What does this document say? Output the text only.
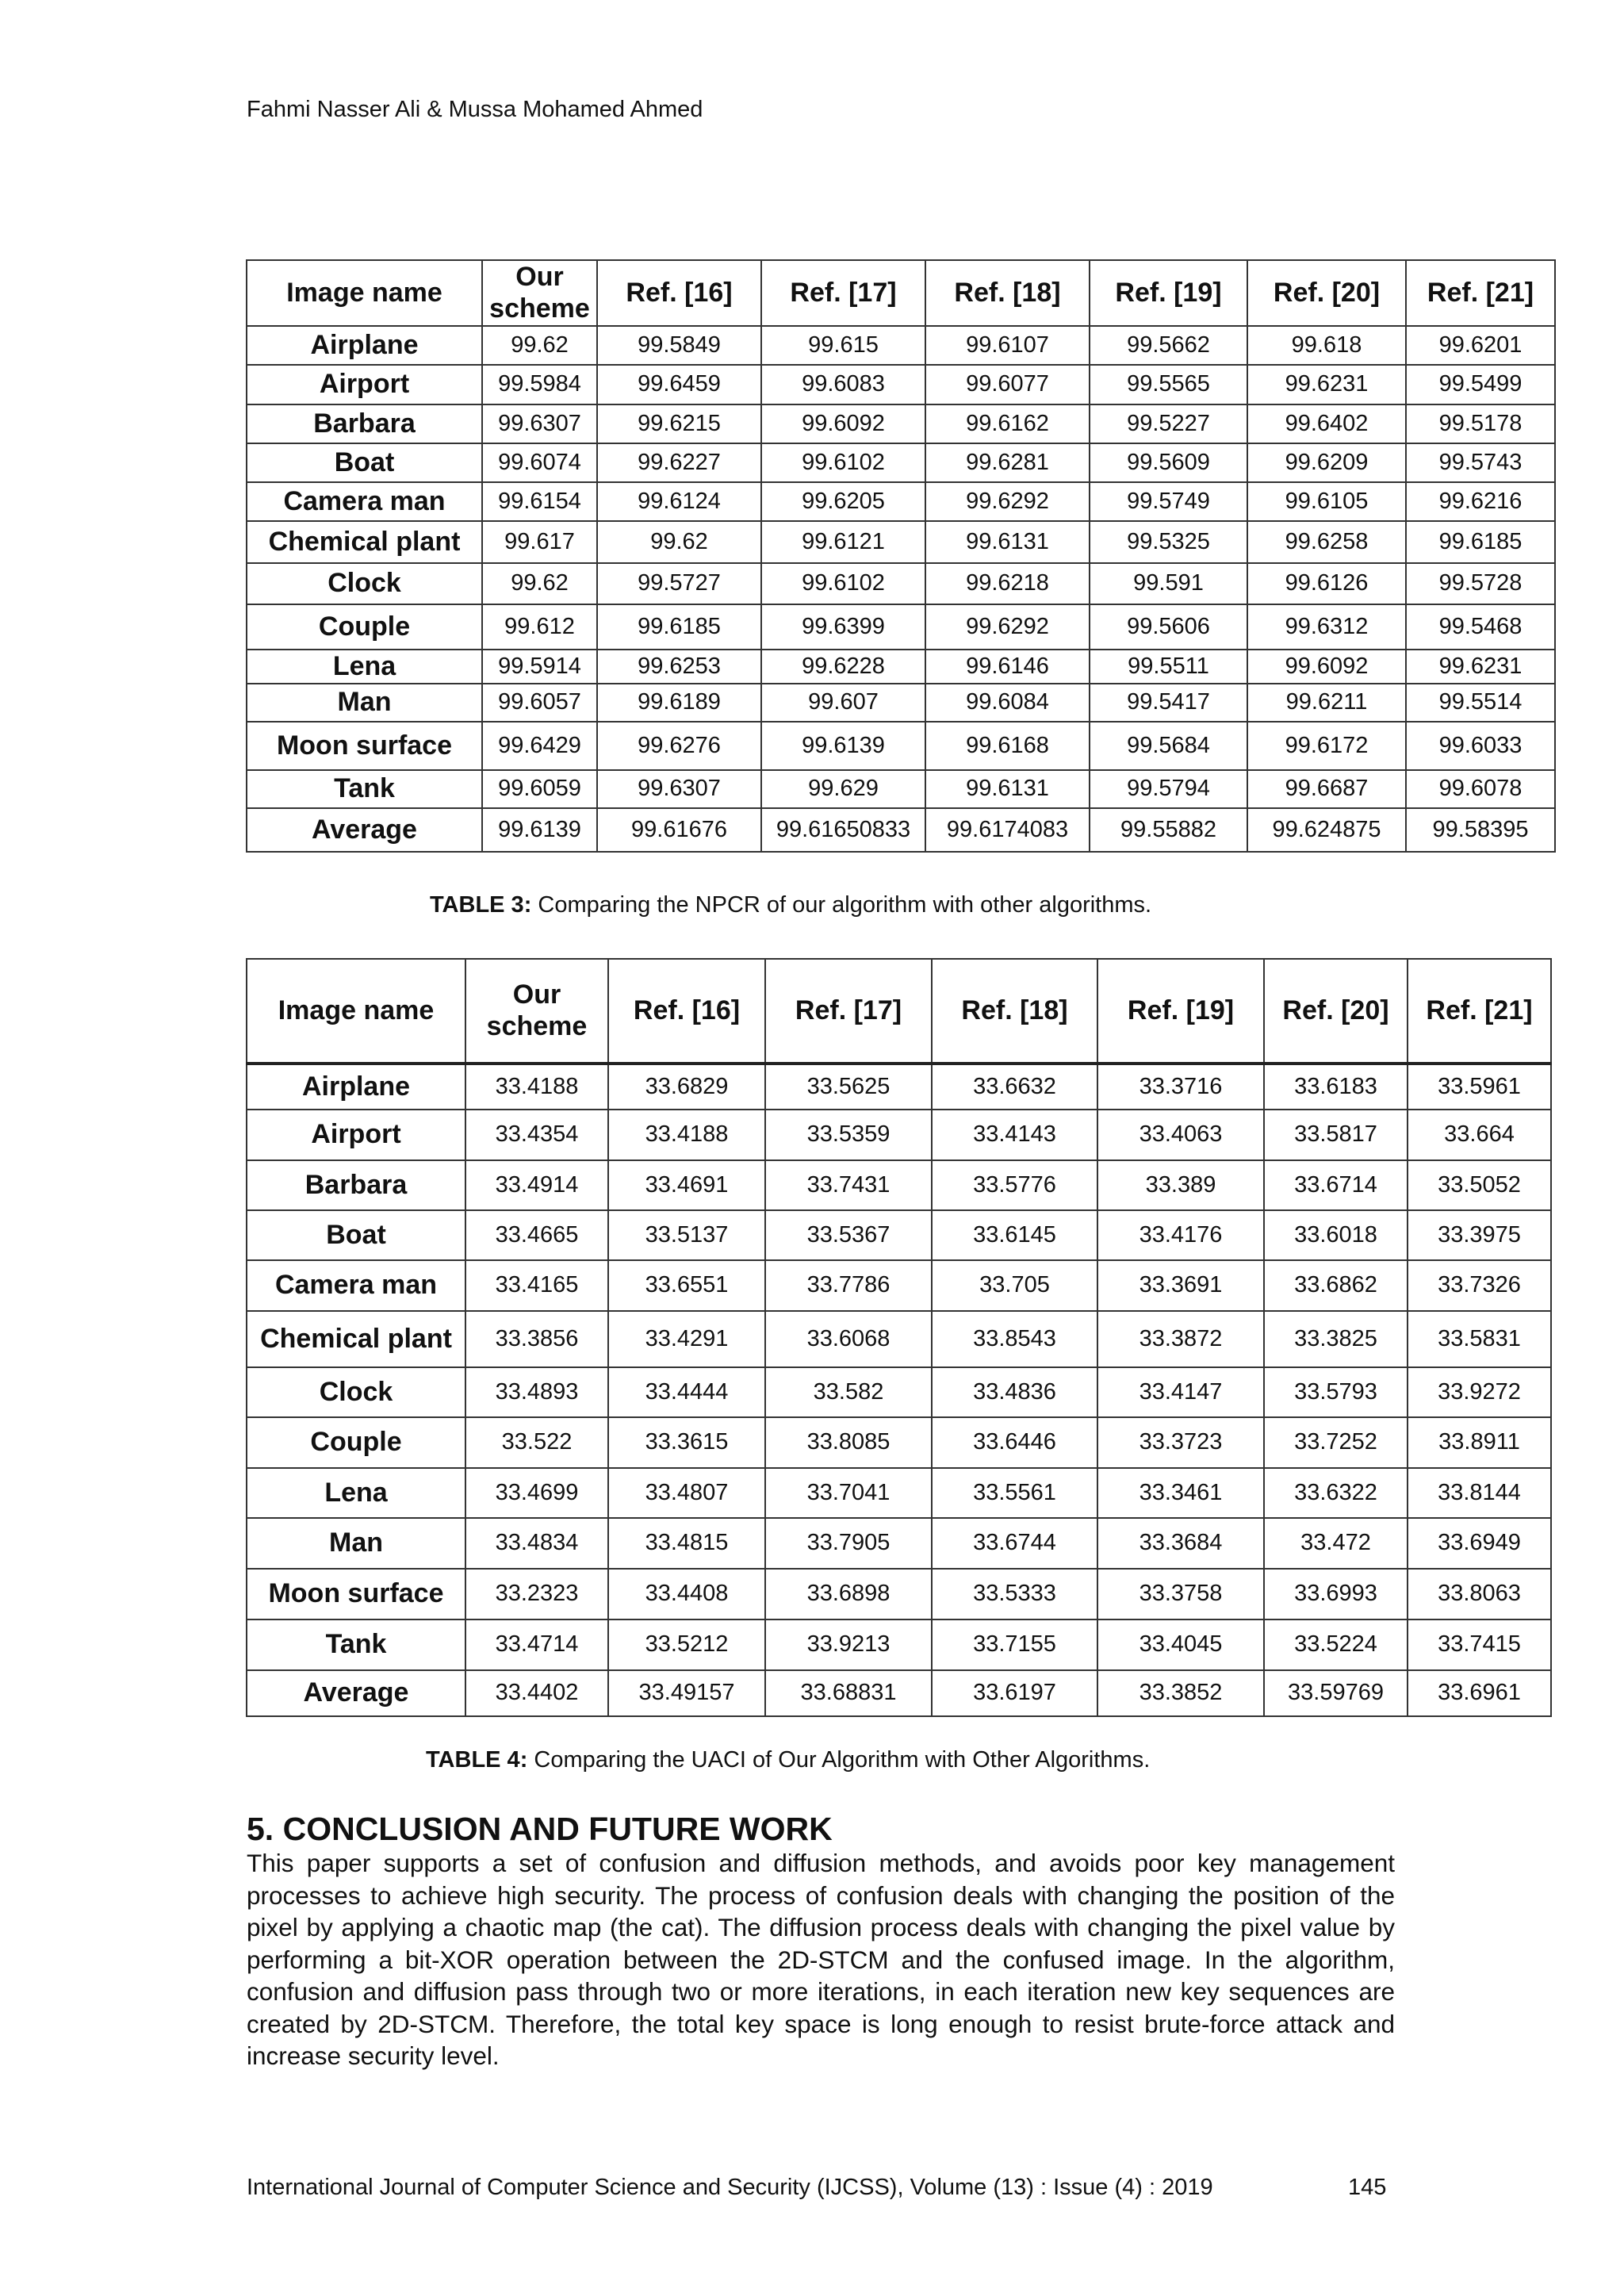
Fahmi Nasser Ali & Mussa Mohamed Ahmed
Image name	Our scheme	Ref. [16]	Ref. [17]	Ref. [18]	Ref. [19]	Ref. [20]	Ref. [21]
Airplane	99.62	99.5849	99.615	99.6107	99.5662	99.618	99.6201
Airport	99.5984	99.6459	99.6083	99.6077	99.5565	99.6231	99.5499
Barbara	99.6307	99.6215	99.6092	99.6162	99.5227	99.6402	99.5178
Boat	99.6074	99.6227	99.6102	99.6281	99.5609	99.6209	99.5743
Camera man	99.6154	99.6124	99.6205	99.6292	99.5749	99.6105	99.6216
Chemical plant	99.617	99.62	99.6121	99.6131	99.5325	99.6258	99.6185
Clock	99.62	99.5727	99.6102	99.6218	99.591	99.6126	99.5728
Couple	99.612	99.6185	99.6399	99.6292	99.5606	99.6312	99.5468
Lena	99.5914	99.6253	99.6228	99.6146	99.5511	99.6092	99.6231
Man	99.6057	99.6189	99.607	99.6084	99.5417	99.6211	99.5514
Moon surface	99.6429	99.6276	99.6139	99.6168	99.5684	99.6172	99.6033
Tank	99.6059	99.6307	99.629	99.6131	99.5794	99.6687	99.6078
Average	99.6139	99.61676	99.61650833	99.6174083	99.55882	99.624875	99.58395
TABLE 3: Comparing the NPCR of our algorithm with other algorithms.
Image name	Our scheme	Ref. [16]	Ref. [17]	Ref. [18]	Ref. [19]	Ref. [20]	Ref. [21]
Airplane	33.4188	33.6829	33.5625	33.6632	33.3716	33.6183	33.5961
Airport	33.4354	33.4188	33.5359	33.4143	33.4063	33.5817	33.664
Barbara	33.4914	33.4691	33.7431	33.5776	33.389	33.6714	33.5052
Boat	33.4665	33.5137	33.5367	33.6145	33.4176	33.6018	33.3975
Camera man	33.4165	33.6551	33.7786	33.705	33.3691	33.6862	33.7326
Chemical plant	33.3856	33.4291	33.6068	33.8543	33.3872	33.3825	33.5831
Clock	33.4893	33.4444	33.582	33.4836	33.4147	33.5793	33.9272
Couple	33.522	33.3615	33.8085	33.6446	33.3723	33.7252	33.8911
Lena	33.4699	33.4807	33.7041	33.5561	33.3461	33.6322	33.8144
Man	33.4834	33.4815	33.7905	33.6744	33.3684	33.472	33.6949
Moon surface	33.2323	33.4408	33.6898	33.5333	33.3758	33.6993	33.8063
Tank	33.4714	33.5212	33.9213	33.7155	33.4045	33.5224	33.7415
Average	33.4402	33.49157	33.68831	33.6197	33.3852	33.59769	33.6961
TABLE 4: Comparing the UACI of Our Algorithm with Other Algorithms.
5. CONCLUSION AND FUTURE WORK

This paper supports a set of confusion and diffusion methods, and avoids poor key management processes to achieve high security. The process of confusion deals with changing the position of the pixel by applying a chaotic map (the cat). The diffusion process deals with changing the pixel value by performing a bit-XOR operation between the 2D-STCM and the confused image. In the algorithm, confusion and diffusion pass through two or more iterations, in each iteration new key sequences are created by 2D-STCM. Therefore, the total key space is long enough to resist brute-force attack and increase security level.

International Journal of Computer Science and Security (IJCSS), Volume (13) : Issue (4) : 2019	145
